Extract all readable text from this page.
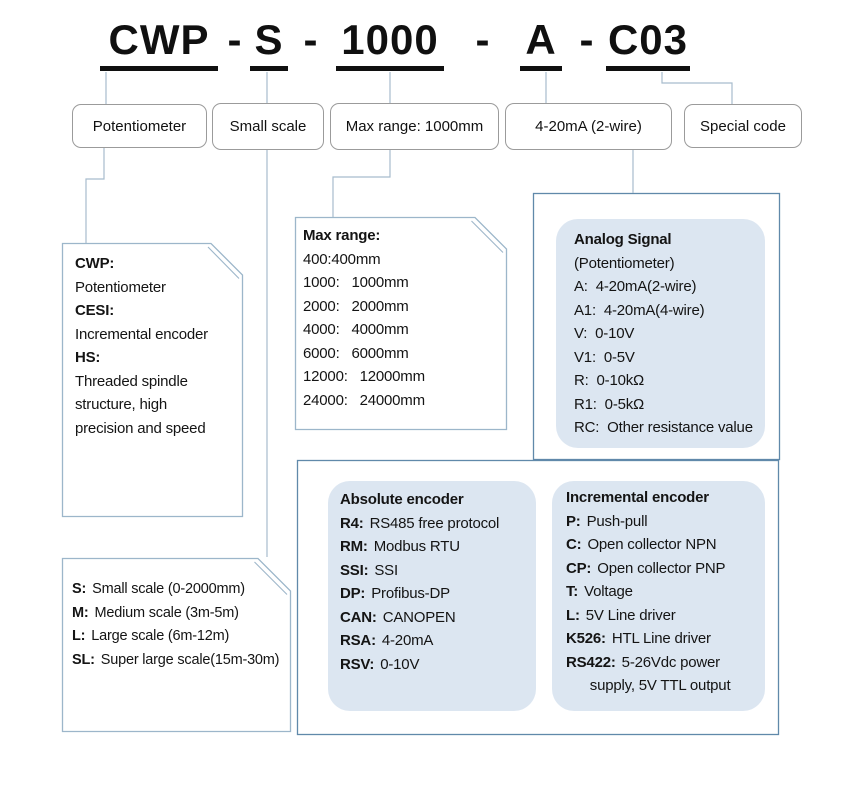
CWP - S - 1000 - A - C03
Potentiometer	Small scale	Max range: 1000mm	4-20mA (2-wire)	Special code
CWP:
Potentiometer
CESI:
Incremental encoder
HS:
Threaded spindle
structure, high
precision and speed
Max range:
400:400mm
1000:   1000mm
2000:   2000mm
4000:   4000mm
6000:   6000mm
12000:   12000mm
24000:   24000mm
Analog Signal
(Potentiometer)
A:  4-20mA(2-wire)
A1:  4-20mA(4-wire)
V:  0-10V
V1:  0-5V
R:  0-10kΩ
R1:  0-5kΩ
RC:  Other resistance value
Absolute encoder
R4: RS485 free protocol
RM: Modbus RTU
SSI: SSI
DP: Profibus-DP
CAN: CANOPEN
RSA: 4-20mA
RSV: 0-10V
Incremental encoder
P: Push-pull
C: Open collector NPN
CP: Open collector PNP
T: Voltage
L: 5V Line driver
K526: HTL Line driver
RS422: 5-26Vdc power
supply, 5V TTL output
S: Small scale (0-2000mm)
M: Medium scale (3m-5m)
L: Large scale (6m-12m)
SL: Super large scale(15m-30m)
